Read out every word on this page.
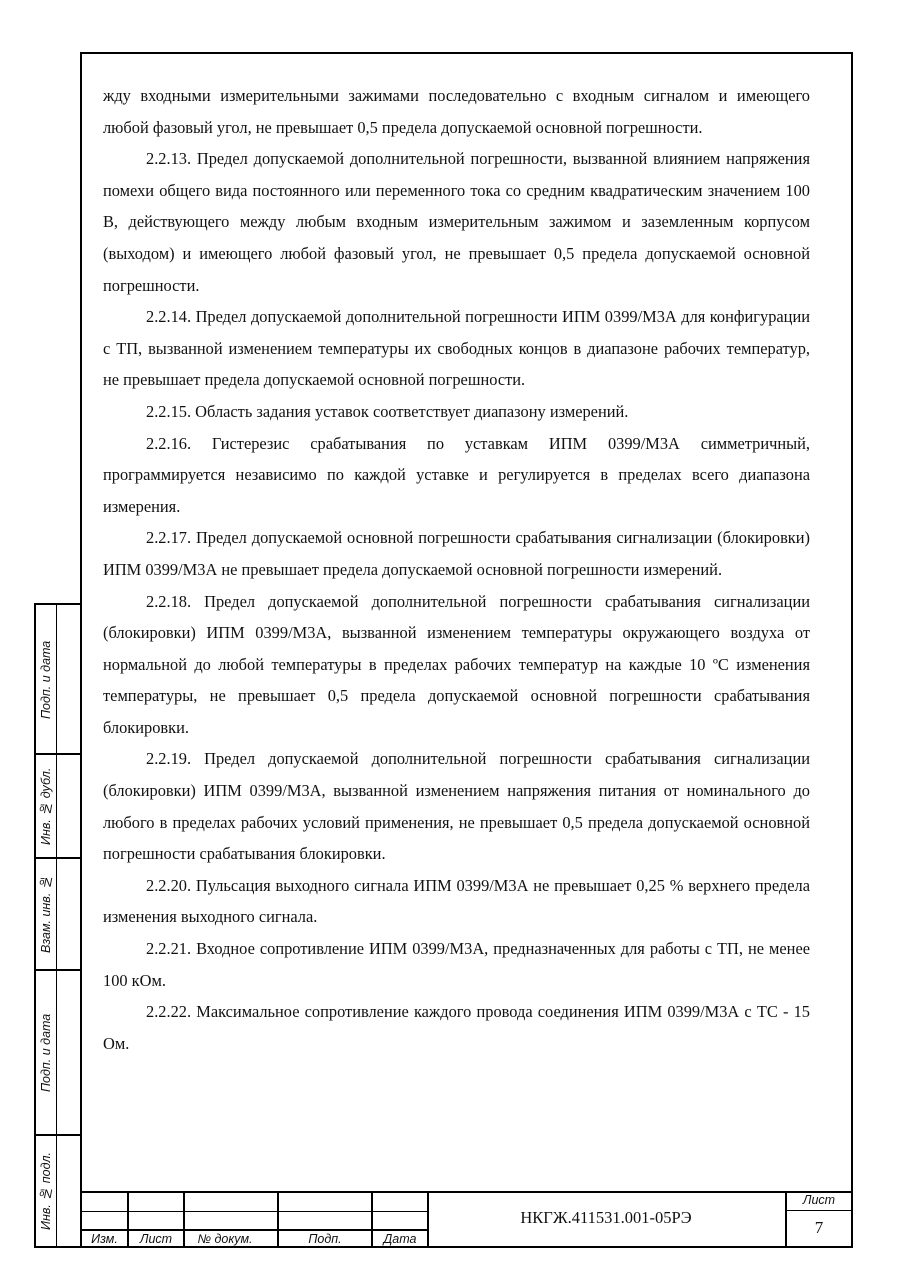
жду входными измерительными зажимами последовательно с входным сигналом и имеющего любой фазовый угол, не превышает 0,5 предела допускаемой основной погрешности.

2.2.13. Предел допускаемой дополнительной погрешности, вызванной влиянием напряжения помехи общего вида постоянного или переменного тока со средним квадратическим значением 100 В, действующего между любым входным измерительным зажимом и заземленным корпусом (выходом) и имеющего любой фазовый угол, не превышает 0,5 предела допускаемой основной погрешности.

2.2.14. Предел допускаемой дополнительной погрешности ИПМ 0399/М3А для конфигурации с ТП, вызванной изменением температуры их свободных концов в диапазоне рабочих температур, не превышает предела допускаемой основной погрешности.

2.2.15. Область задания уставок соответствует диапазону измерений.

2.2.16. Гистерезис срабатывания по уставкам ИПМ 0399/М3А симметричный, программируется независимо по каждой уставке и регулируется в пределах всего диапазона измерения.

2.2.17. Предел допускаемой основной погрешности срабатывания сигнализации (блокировки) ИПМ 0399/М3А не превышает предела допускаемой основной погрешности измерений.

2.2.18. Предел допускаемой дополнительной погрешности срабатывания сигнализации (блокировки) ИПМ 0399/М3А, вызванной изменением температуры окружающего воздуха от нормальной до любой температуры в пределах рабочих температур на каждые 10 ºС изменения температуры, не превышает 0,5 предела допускаемой основной погрешности срабатывания блокировки.

2.2.19. Предел допускаемой дополнительной погрешности срабатывания сигнализации (блокировки) ИПМ 0399/М3А, вызванной изменением напряжения питания от номинального до любого в пределах рабочих условий применения, не превышает 0,5 предела допускаемой основной погрешности срабатывания блокировки.

2.2.20. Пульсация выходного сигнала ИПМ 0399/М3А не превышает 0,25 % верхнего предела изменения выходного сигнала.

2.2.21. Входное сопротивление ИПМ 0399/М3А, предназначенных для работы с ТП, не менее 100 кОм.

2.2.22. Максимальное сопротивление каждого провода соединения ИПМ 0399/М3А с ТС - 15 Ом.

Подп. и дата
Инв. № дубл.
Взам. инв. №
Подп. и дата
Инв. № подл.
Изм.	Лист	№ докум.	Подп.	Дата
НКГЖ.411531.001-05РЭ
Лист
7
